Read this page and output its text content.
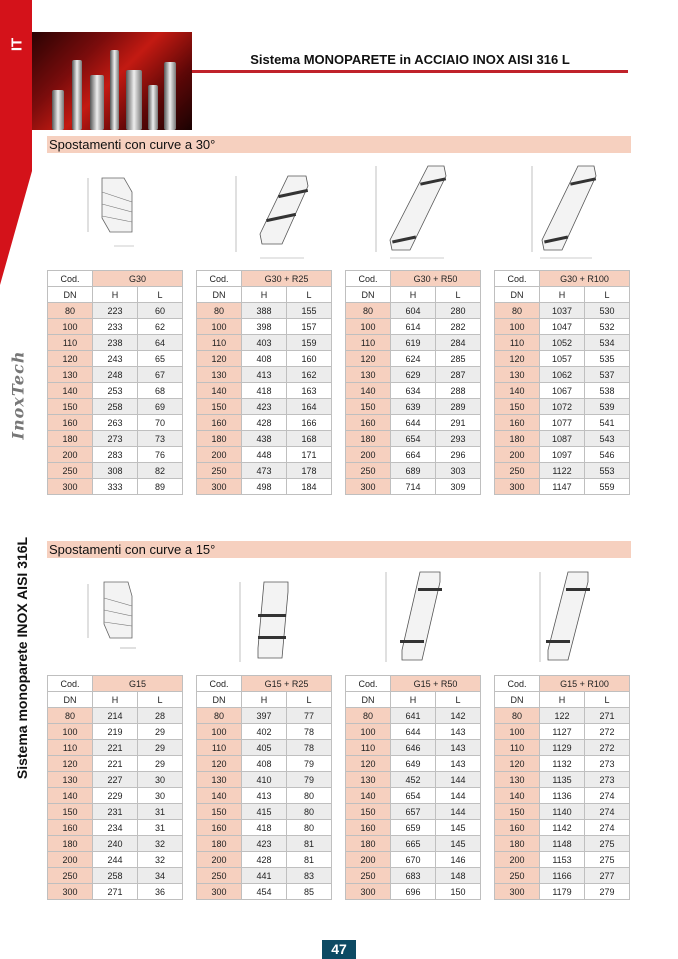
IT
InoxTech
Sistema monoparete INOX AISI 316L
Sistema MONOPARETE in ACCIAIO INOX AISI 316 L
Spostamenti con curve a 30°
Spostamenti con curve a 15°
Cod.	G30	
DN	H	L
80	223	60
100	233	62
110	238	64
120	243	65
130	248	67
140	253	68
150	258	69
160	263	70
180	273	73
200	283	76
250	308	82
300	333	89
Cod.	G30 + R25	
DN	H	L
80	388	155
100	398	157
110	403	159
120	408	160
130	413	162
140	418	163
150	423	164
160	428	166
180	438	168
200	448	171
250	473	178
300	498	184
Cod.	G30 + R50	
DN	H	L
80	604	280
100	614	282
110	619	284
120	624	285
130	629	287
140	634	288
150	639	289
160	644	291
180	654	293
200	664	296
250	689	303
300	714	309
Cod.	G30 + R100	
DN	H	L
80	1037	530
100	1047	532
110	1052	534
120	1057	535
130	1062	537
140	1067	538
150	1072	539
160	1077	541
180	1087	543
200	1097	546
250	1122	553
300	1147	559
Cod.	G15	
DN	H	L
80	214	28
100	219	29
110	221	29
120	221	29
130	227	30
140	229	30
150	231	31
160	234	31
180	240	32
200	244	32
250	258	34
300	271	36
Cod.	G15 + R25	
DN	H	L
80	397	77
100	402	78
110	405	78
120	408	79
130	410	79
140	413	80
150	415	80
160	418	80
180	423	81
200	428	81
250	441	83
300	454	85
Cod.	G15 + R50	
DN	H	L
80	641	142
100	644	143
110	646	143
120	649	143
130	452	144
140	654	144
150	657	144
160	659	145
180	665	145
200	670	146
250	683	148
300	696	150
Cod.	G15 + R100	
DN	H	L
80	122	271
100	1127	272
110	1129	272
120	1132	273
130	1135	273
140	1136	274
150	1140	274
160	1142	274
180	1148	275
200	1153	275
250	1166	277
300	1179	279
47
